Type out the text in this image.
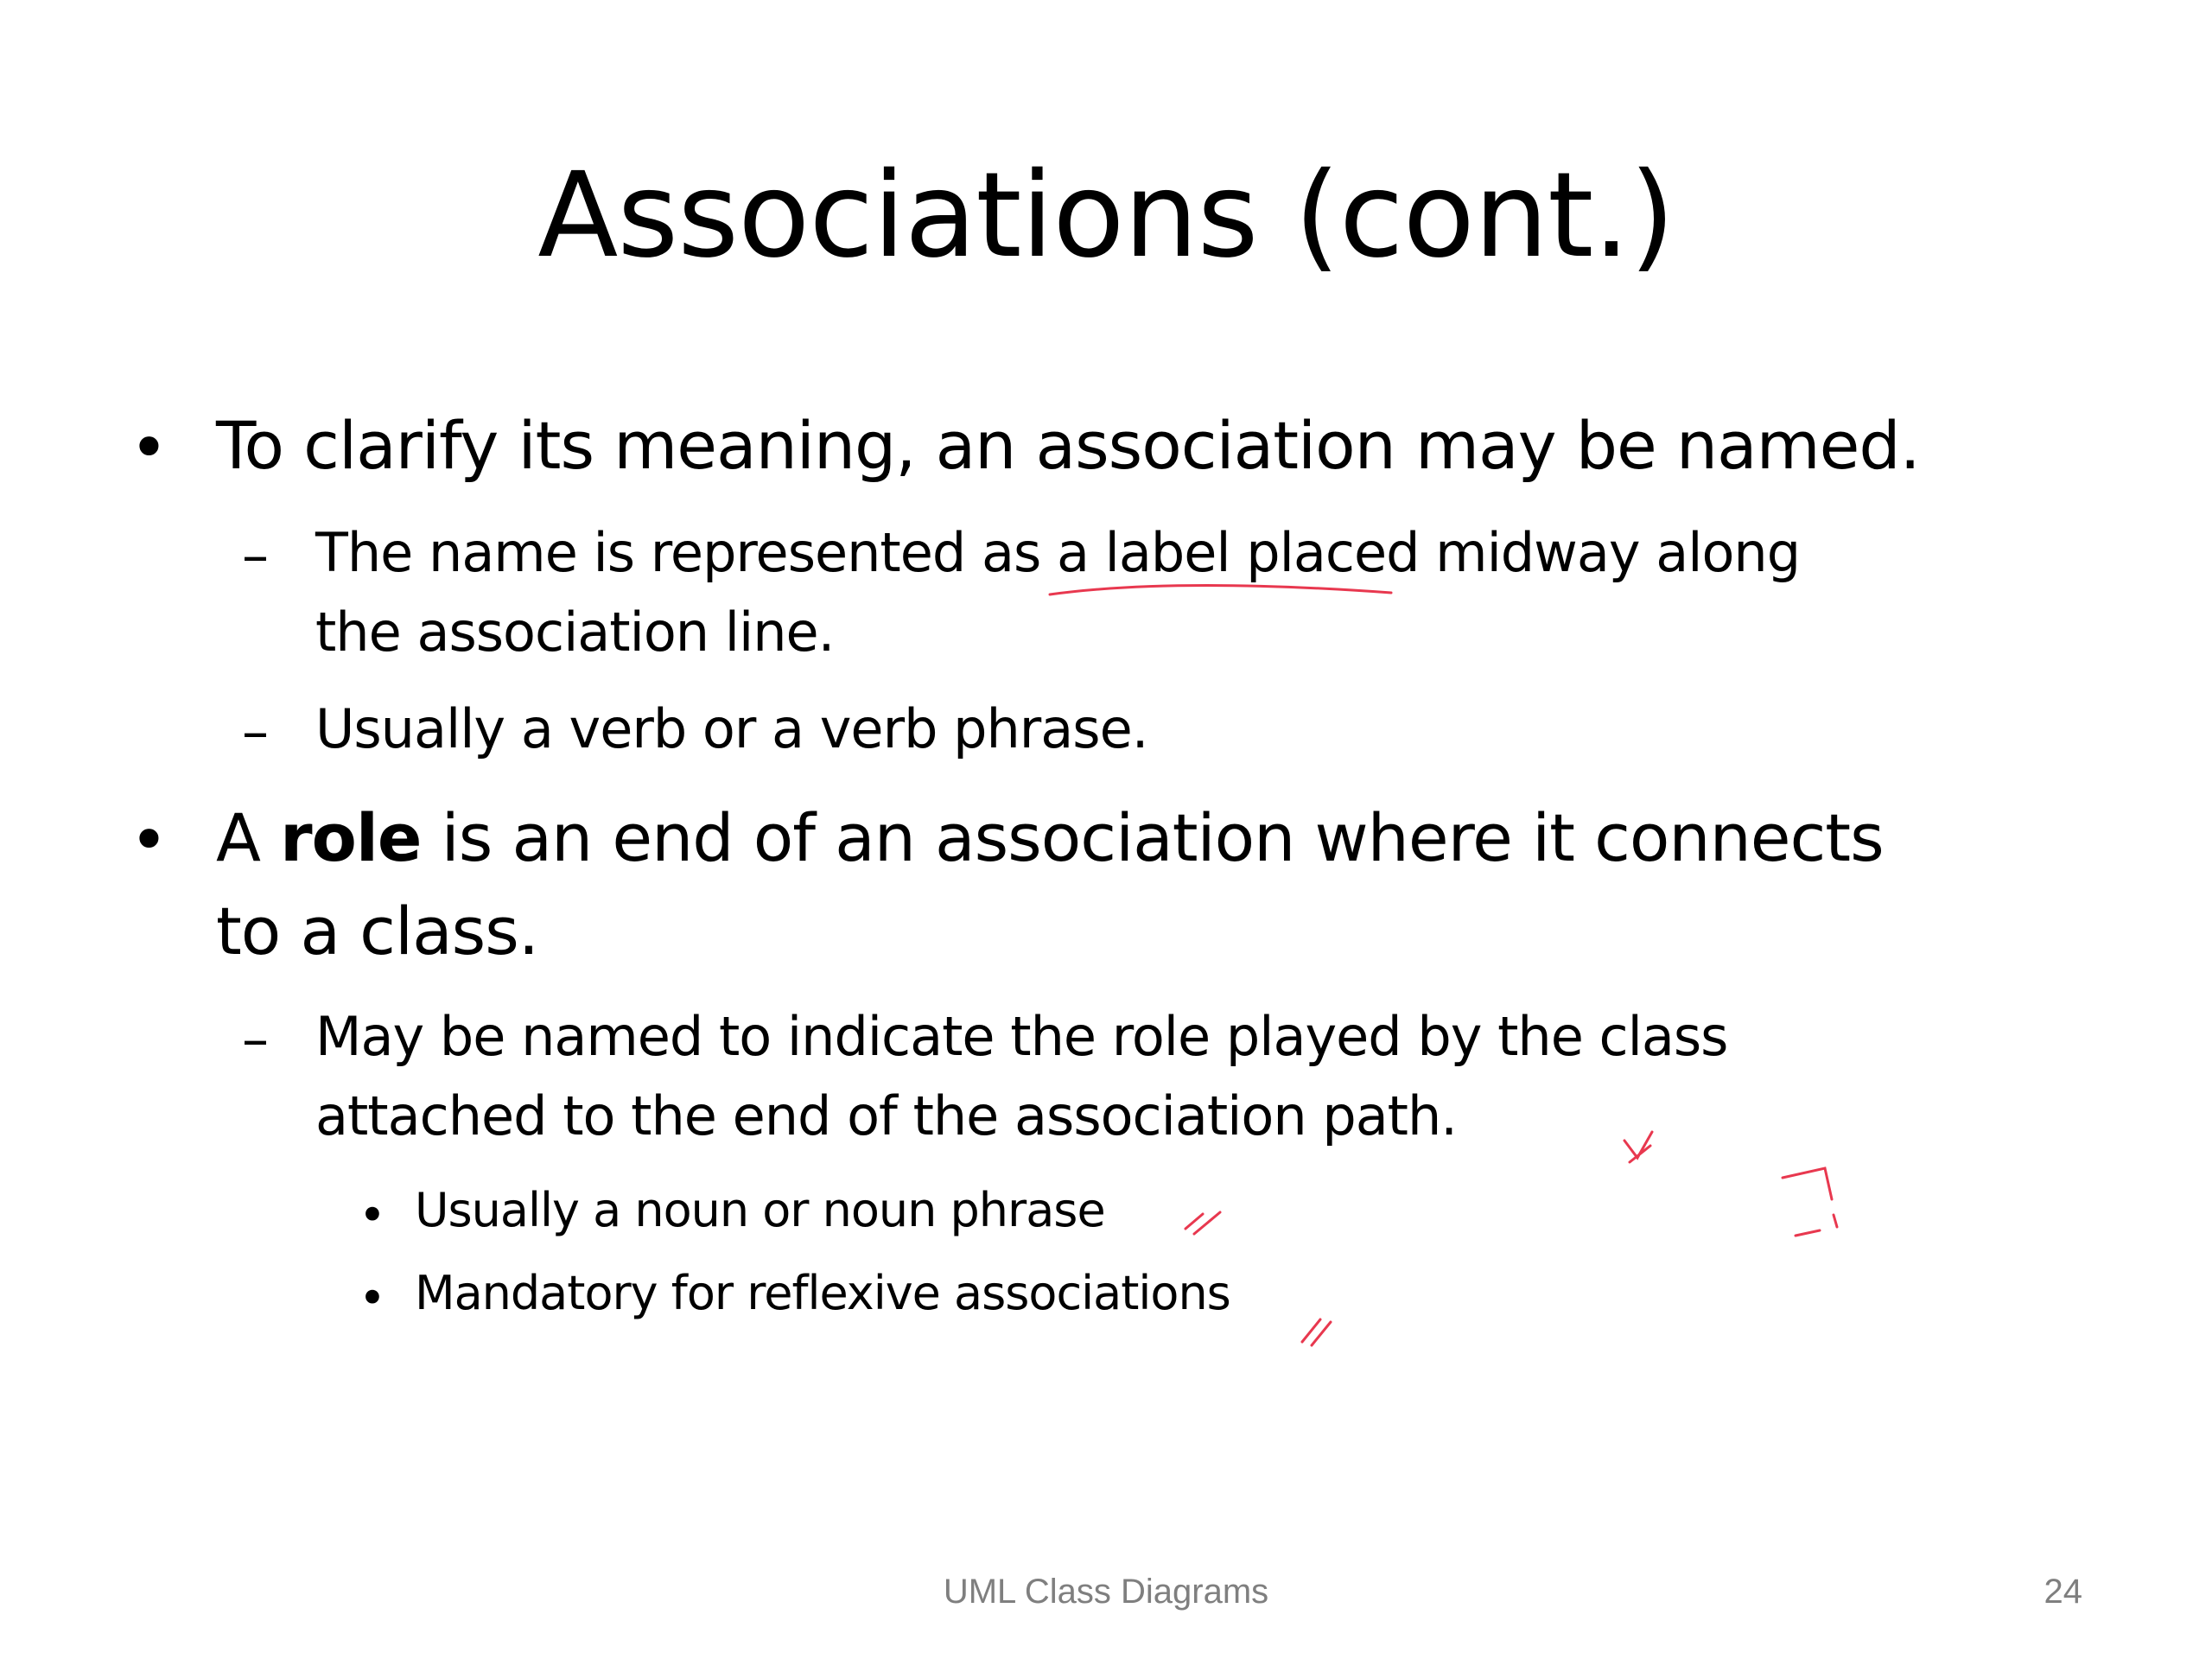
Associations (cont.)
• To clarify its meaning, an association may be named.
– The name is represented as a label placed midway along
the association line.
– Usually a verb or a verb phrase.
• A role is an end of an association where it connects
to a class.
– May be named to indicate the role played by the class
attached to the end of the association path.
• Usually a noun or noun phrase
• Mandatory for reflexive associations
UML Class Diagrams	24
